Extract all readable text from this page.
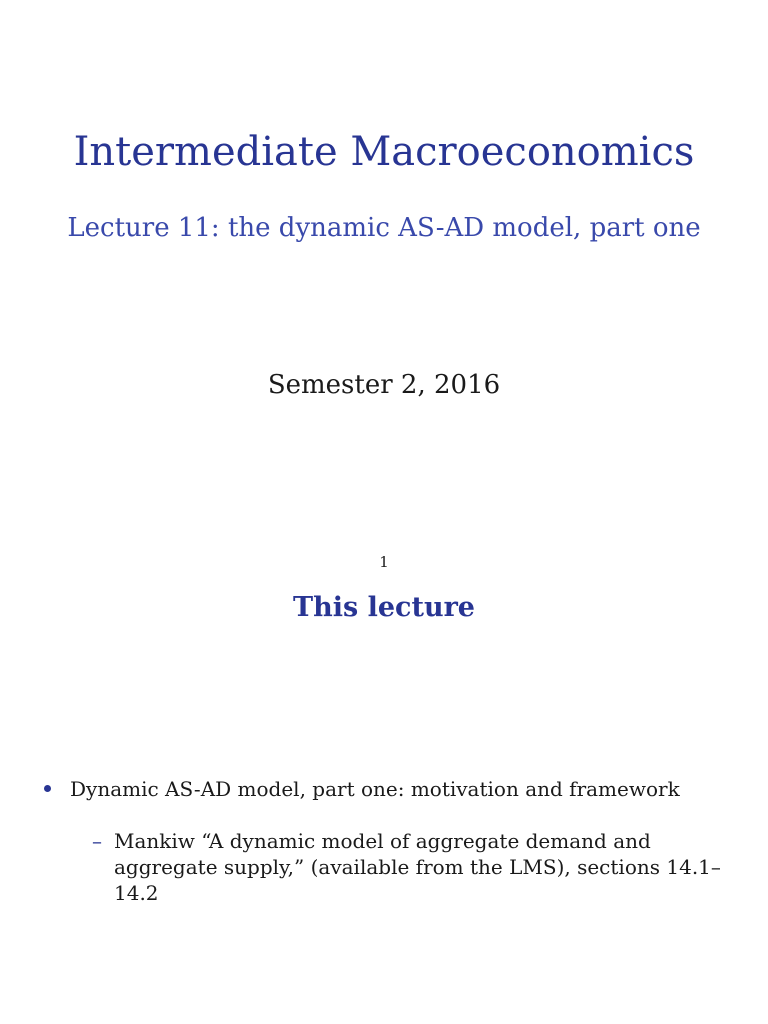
Intermediate Macroeconomics
Lecture 11: the dynamic AS-AD model, part one
Semester 2, 2016
1
This lecture
Dynamic AS-AD model, part one: motivation and framework
– Mankiw “A dynamic model of aggregate demand and aggregate supply,” (available from the LMS), sections 14.1–14.2
